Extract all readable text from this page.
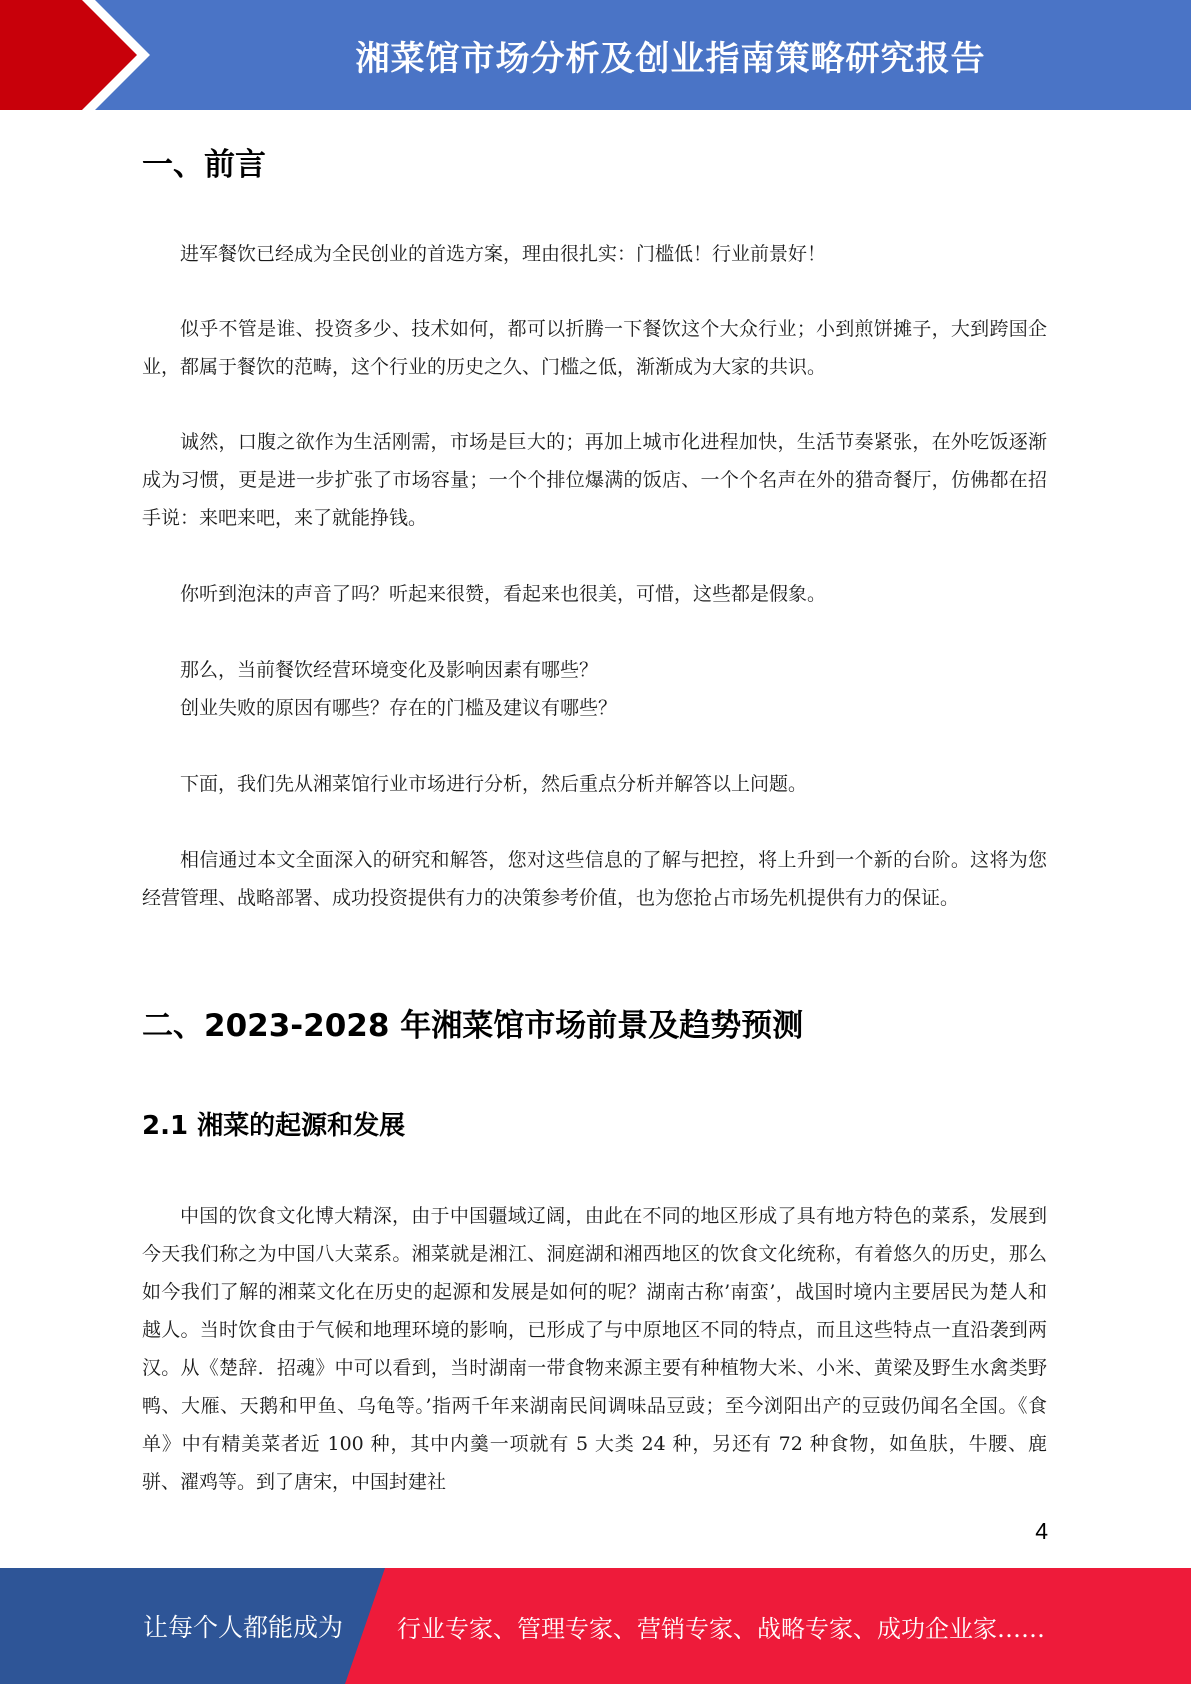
湘菜馆市场分析及创业指南策略研究报告
一、前言

进军餐饮已经成为全民创业的首选方案，理由很扎实：门槛低！行业前景好！

似乎不管是谁、投资多少、技术如何，都可以折腾一下餐饮这个大众行业；小到煎饼摊子，大到跨国企业，都属于餐饮的范畴，这个行业的历史之久、门槛之低，渐渐成为大家的共识。

诚然，口腹之欲作为生活刚需，市场是巨大的；再加上城市化进程加快，生活节奏紧张，在外吃饭逐渐成为习惯，更是进一步扩张了市场容量；一个个排位爆满的饭店、一个个名声在外的猎奇餐厅，仿佛都在招手说：来吧来吧，来了就能挣钱。

你听到泡沫的声音了吗？听起来很赞，看起来也很美，可惜，这些都是假象。

那么，当前餐饮经营环境变化及影响因素有哪些？

创业失败的原因有哪些？存在的门槛及建议有哪些？

下面，我们先从湘菜馆行业市场进行分析，然后重点分析并解答以上问题。

相信通过本文全面深入的研究和解答，您对这些信息的了解与把控，将上升到一个新的台阶。这将为您经营管理、战略部署、成功投资提供有力的决策参考价值，也为您抢占市场先机提供有力的保证。

二、2023-2028 年湘菜馆市场前景及趋势预测
2.1 湘菜的起源和发展

中国的饮食文化博大精深，由于中国疆域辽阔，由此在不同的地区形成了具有地方特色的菜系，发展到今天我们称之为中国八大菜系。湘菜就是湘江、洞庭湖和湘西地区的饮食文化统称，有着悠久的历史，那么如今我们了解的湘菜文化在历史的起源和发展是如何的呢？湖南古称’南蛮’，战国时境内主要居民为楚人和越人。当时饮食由于气候和地理环境的影响，已形成了与中原地区不同的特点，而且这些特点一直沿袭到两汉。从《楚辞．招魂》中可以看到，当时湖南一带食物来源主要有种植物大米、小米、黄梁及野生水禽类野鸭、大雁、天鹅和甲鱼、乌龟等。’指两千年来湖南民间调味品豆豉；至今浏阳出产的豆豉仍闻名全国。《食单》中有精美菜者近 100 种，其中内羹一项就有 5 大类 24 种，另还有 72 种食物，如鱼肤，牛腰、鹿骈、濯鸡等。到了唐宋，中国封建社

4
让每个人都能成为 行业专家、管理专家、营销专家、战略专家、成功企业家……
